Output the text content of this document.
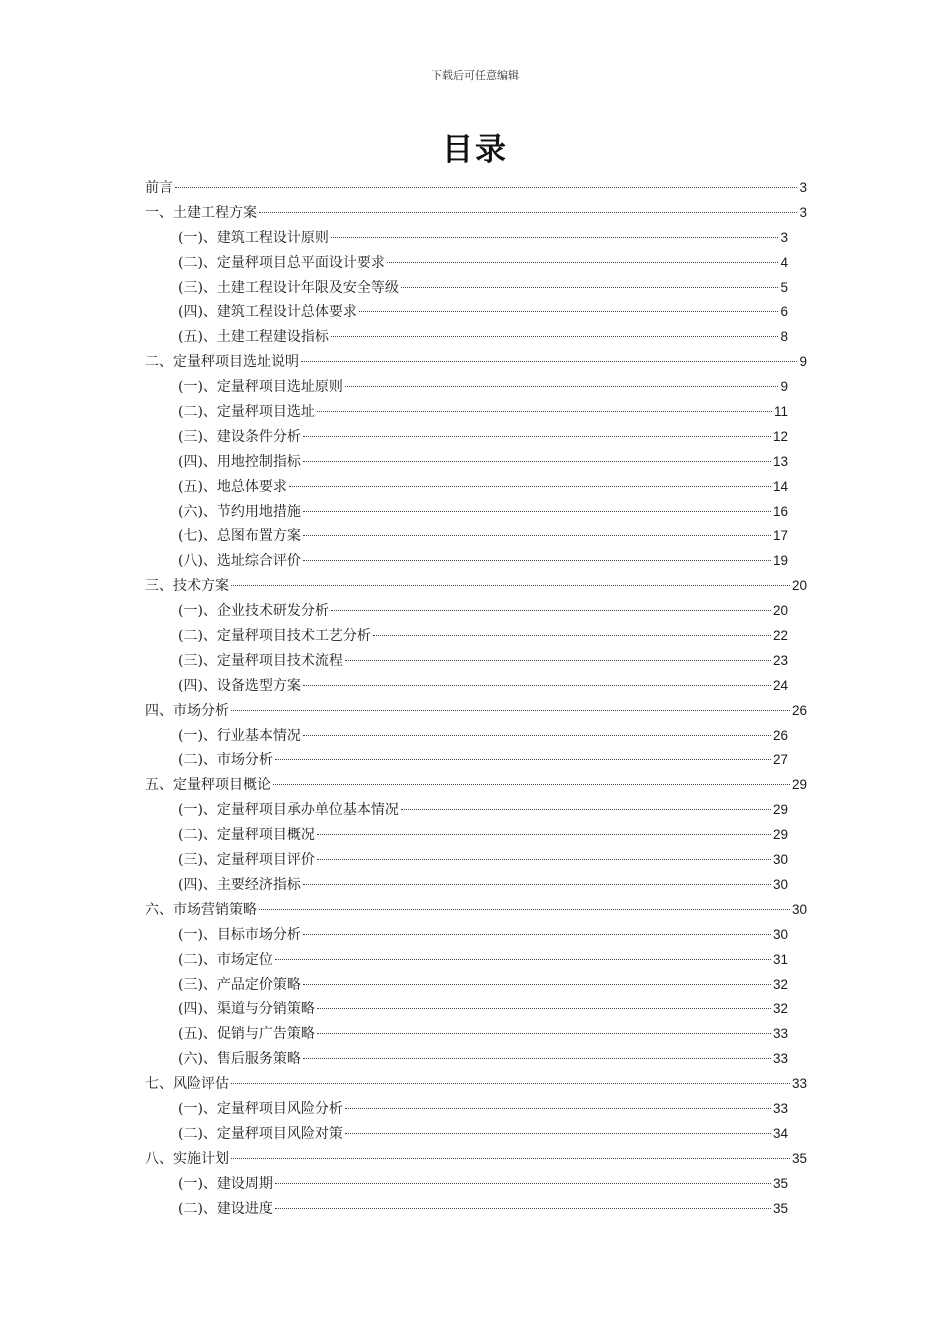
下载后可任意编辑
目录
前言	3
一、土建工程方案	3
(一)、建筑工程设计原则	3
(二)、定量秤项目总平面设计要求	4
(三)、土建工程设计年限及安全等级	5
(四)、建筑工程设计总体要求	6
(五)、土建工程建设指标	8
二、定量秤项目选址说明	9
(一)、定量秤项目选址原则	9
(二)、定量秤项目选址	11
(三)、建设条件分析	12
(四)、用地控制指标	13
(五)、地总体要求	14
(六)、节约用地措施	16
(七)、总图布置方案	17
(八)、选址综合评价	19
三、技术方案	20
(一)、企业技术研发分析	20
(二)、定量秤项目技术工艺分析	22
(三)、定量秤项目技术流程	23
(四)、设备选型方案	24
四、市场分析	26
(一)、行业基本情况	26
(二)、市场分析	27
五、定量秤项目概论	29
(一)、定量秤项目承办单位基本情况	29
(二)、定量秤项目概况	29
(三)、定量秤项目评价	30
(四)、主要经济指标	30
六、市场营销策略	30
(一)、目标市场分析	30
(二)、市场定位	31
(三)、产品定价策略	32
(四)、渠道与分销策略	32
(五)、促销与广告策略	33
(六)、售后服务策略	33
七、风险评估	33
(一)、定量秤项目风险分析	33
(二)、定量秤项目风险对策	34
八、实施计划	35
(一)、建设周期	35
(二)、建设进度	35
